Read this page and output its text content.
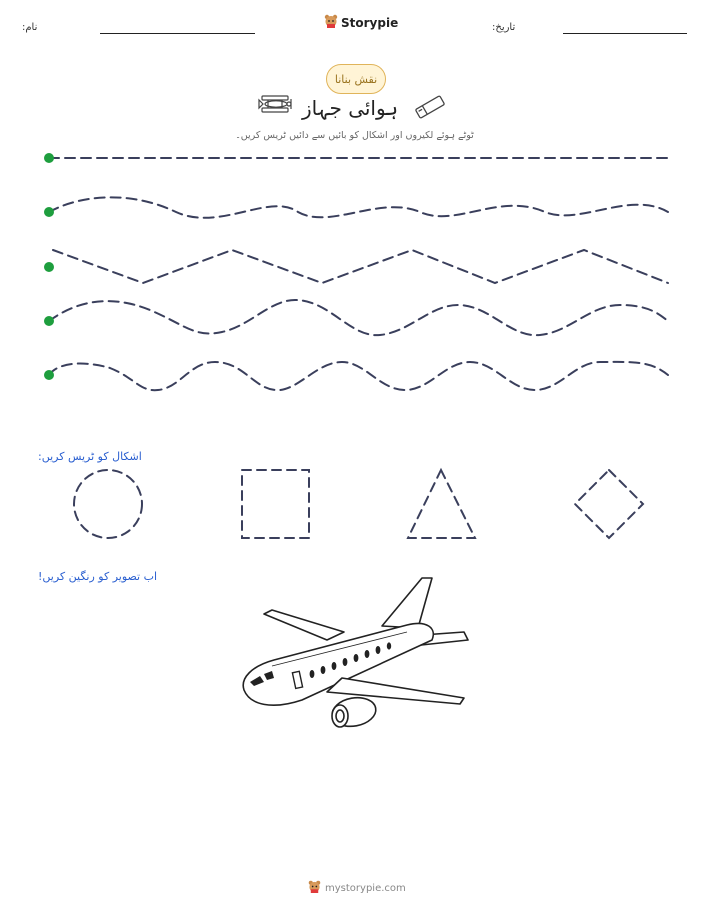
نام:	Storypie	تاریخ:
نقش بنانا
ہوائی جہاز
ٹوٹے ہوئے لکیروں اور اشکال کو بائیں سے دائیں ٹریس کریں۔
اشکال کو ٹریس کریں:
اب تصویر کو رنگین کریں!
mystorypie.com
